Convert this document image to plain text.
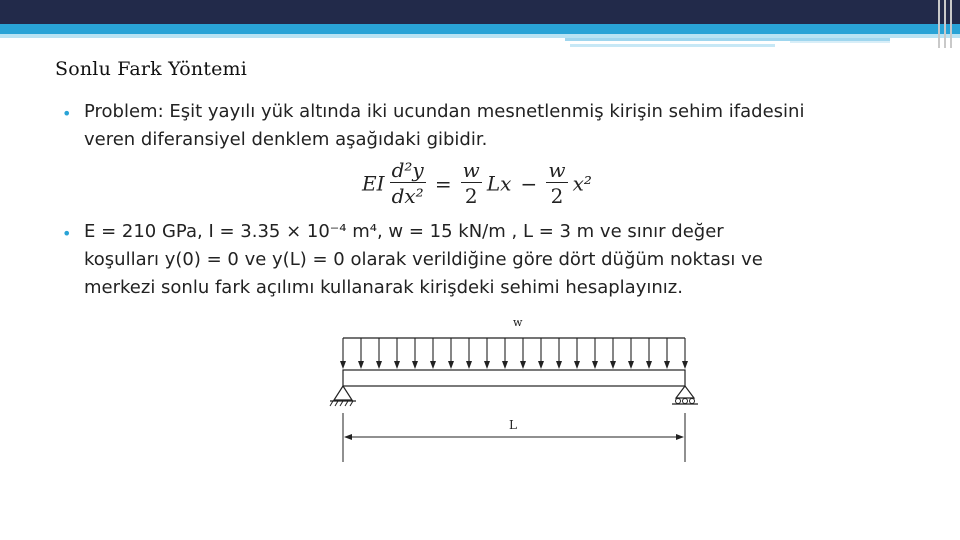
Sonlu Fark Yöntemi
• Problem: Eşit yayılı yük altında iki ucundan mesnetlenmiş kirişin sehim ifadesini
veren diferansiyel denklem aşağıdaki gibidir.
EI $\frac{\text{d²y}}{\text{dx²}} = \frac{w}{2}$ $Lx - \frac{w}{2} x^2$
• E = 210 GPa, I = 3.35 × 10⁻⁴ m⁴, w = 15 kN/m , L = 3 m ve sınır değer
koşulları y(0) = 0 ve y(L) = 0 olarak verildiğine göre dört düğüm noktası ve
merkezi sonlu fark açılımı kullanarak kirişdeki sehimi hesaplayınız.
w
L
